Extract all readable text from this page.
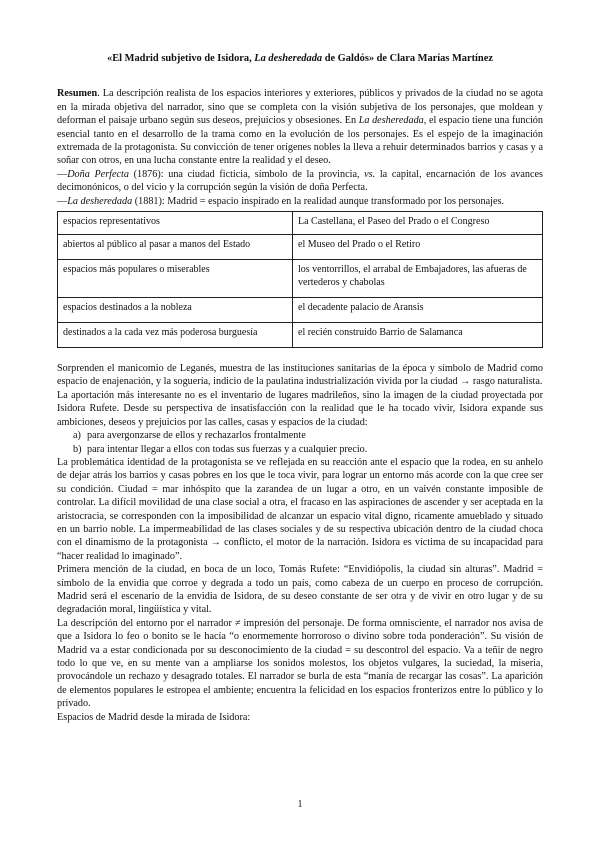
«El Madrid subjetivo de Isidora, La desheredada de Galdós» de Clara Marías Martínez

Resumen. La descripción realista de los espacios interiores y exteriores, públicos y privados de la ciudad no se agota en la mirada objetiva del narrador, sino que se completa con la visión subjetiva de los personajes, que moldean y deforman el paisaje urbano según sus deseos, prejuicios y obsesiones. En La desheredada, el espacio tiene una función esencial tanto en el desarrollo de la trama como en la evolución de los personajes. Es el espejo de la imaginación extremada de la protagonista. Su convicción de tener orígenes nobles la lleva a rehuir determinados barrios y casas y a soñar con otros, en una lucha constante entre la realidad y el deseo.

—Doña Perfecta (1876): una ciudad ficticia, símbolo de la provincia, vs. la capital, encarnación de los avances decimonónicos, o del vicio y la corrupción según la visión de doña Perfecta.

—La desheredada (1881): Madrid = espacio inspirado en la realidad aunque transformado por los personajes.

espacios representativos	La Castellana, el Paseo del Prado o el Congreso
abiertos al público al pasar a manos del Estado	el Museo del Prado o el Retiro
espacios más populares o miserables	los ventorrillos, el arrabal de Embajadores, las afueras de vertederos y chabolas
espacios destinados a la nobleza	el decadente palacio de Aransis
destinados a la cada vez más poderosa burguesía	el recién construido Barrio de Salamanca

Sorprenden el manicomio de Leganés, muestra de las instituciones sanitarias de la época y símbolo de Madrid como espacio de enajenación, y la soguería, indicio de la paulatina industrialización vivida por la ciudad → rasgo naturalista.

La aportación más interesante no es el inventario de lugares madrileños, sino la imagen de la ciudad proyectada por Isidora Rufete. Desde su perspectiva de insatisfacción con la realidad que le ha tocado vivir, Isidora expande sus ambiciones, deseos y prejuicios por las calles, casas y espacios de la ciudad:

a) para avergonzarse de ellos y rechazarlos frontalmente
b) para intentar llegar a ellos con todas sus fuerzas y a cualquier precio.

La problemática identidad de la protagonista se ve reflejada en su reacción ante el espacio que la rodea, en su anhelo de dejar atrás los barrios y casas pobres en los que le toca vivir, para lograr un entorno más acorde con la que cree ser su condición. Ciudad = mar inhóspito que la zarandea de un lugar a otro, en un vaivén constante imposible de controlar. La difícil movilidad de una clase social a otra, el fracaso en las aspiraciones de ascender y ser aceptada en la aristocracia, se corresponden con la imposibilidad de alcanzar un espacio vital digno, ricamente amueblado y situado en un barrio noble. La impermeabilidad de las clases sociales y de su respectiva ubicación dentro de la ciudad choca con el dinamismo de la protagonista → conflicto, el motor de la narración. Isidora es víctima de su incapacidad para “hacer realidad lo imaginado”.

Primera mención de la ciudad, en boca de un loco, Tomás Rufete: “Envidiópolis, la ciudad sin alturas”. Madrid = símbolo de la envidia que corroe y degrada a todo un país, como cabeza de un cuerpo en proceso de corrupción. Madrid será el escenario de la envidia de Isidora, de su deseo constante de ser otra y de vivir en otro lugar y de su degradación moral, lingüística y vital.

La descripción del entorno por el narrador ≠ impresión del personaje. De forma omnisciente, el narrador nos avisa de que a Isidora lo feo o bonito se le hacía “o enormemente horroroso o divino sobre toda ponderación”. Su visión de Madrid va a estar condicionada por su desconocimiento de la ciudad = su descontrol del espacio. Va a teñir de negro todo lo que ve, en su mente van a ampliarse los sonidos molestos, los objetos vulgares, la suciedad, la miseria, provocándole un rechazo y desagrado totales. El narrador se burla de esta “manía de recargar las cosas”. La aparición de elementos populares le estropea el ambiente; encuentra la felicidad en los espacios fronterizos entre lo público y lo privado.

Espacios de Madrid desde la mirada de Isidora:

1
